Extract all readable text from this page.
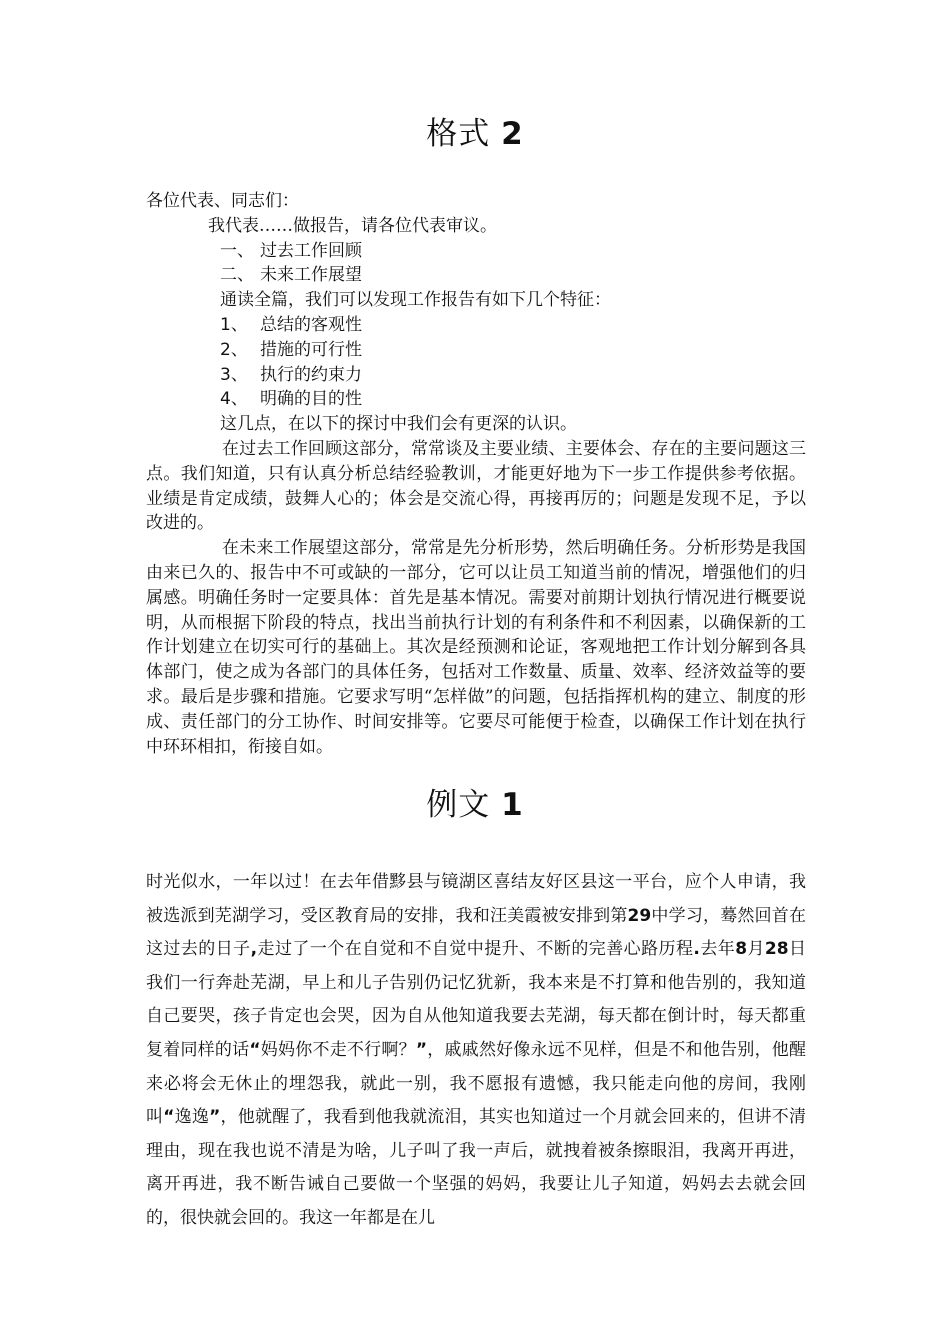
格式 2

各位代表、同志们：

我代表……做报告，请各位代表审议。

一、 过去工作回顾

二、 未来工作展望

通读全篇，我们可以发现工作报告有如下几个特征：

1、 总结的客观性

2、 措施的可行性

3、 执行的约束力

4、 明确的目的性

这几点，在以下的探讨中我们会有更深的认识。

在过去工作回顾这部分，常常谈及主要业绩、主要体会、存在的主要问题这三点。我们知道，只有认真分析总结经验教训，才能更好地为下一步工作提供参考依据。业绩是肯定成绩，鼓舞人心的；体会是交流心得，再接再厉的；问题是发现不足，予以改进的。

在未来工作展望这部分，常常是先分析形势，然后明确任务。分析形势是我国由来已久的、报告中不可或缺的一部分，它可以让员工知道当前的情况，增强他们的归属感。明确任务时一定要具体：首先是基本情况。需要对前期计划执行情况进行概要说明，从而根据下阶段的特点，找出当前执行计划的有利条件和不利因素，以确保新的工作计划建立在切实可行的基础上。其次是经预测和论证，客观地把工作计划分解到各具体部门，使之成为各部门的具体任务，包括对工作数量、质量、效率、经济效益等的要求。最后是步骤和措施。它要求写明“怎样做”的问题，包括指挥机构的建立、制度的形成、责任部门的分工协作、时间安排等。它要尽可能便于检查，以确保工作计划在执行中环环相扣，衔接自如。

例文 1

时光似水，一年以过！在去年借黟县与镜湖区喜结友好区县这一平台，应个人申请，我被选派到芜湖学习，受区教育局的安排，我和汪美霞被安排到第29中学习，蓦然回首在这过去的日子,走过了一个在自觉和不自觉中提升、不断的完善心路历程.去年8月28日我们一行奔赴芜湖，早上和儿子告别仍记忆犹新，我本来是不打算和他告别的，我知道自己要哭，孩子肯定也会哭，因为自从他知道我要去芜湖，每天都在倒计时，每天都重复着同样的话“妈妈你不走不行啊？”，戚戚然好像永远不见样，但是不和他告别，他醒来必将会无休止的埋怨我，就此一别，我不愿报有遗憾，我只能走向他的房间，我刚叫“逸逸”，他就醒了，我看到他我就流泪，其实也知道过一个月就会回来的，但讲不清理由，现在我也说不清是为啥，儿子叫了我一声后，就拽着被条擦眼泪，我离开再进，离开再进，我不断告诫自己要做一个坚强的妈妈，我要让儿子知道，妈妈去去就会回的，很快就会回的。我这一年都是在儿
